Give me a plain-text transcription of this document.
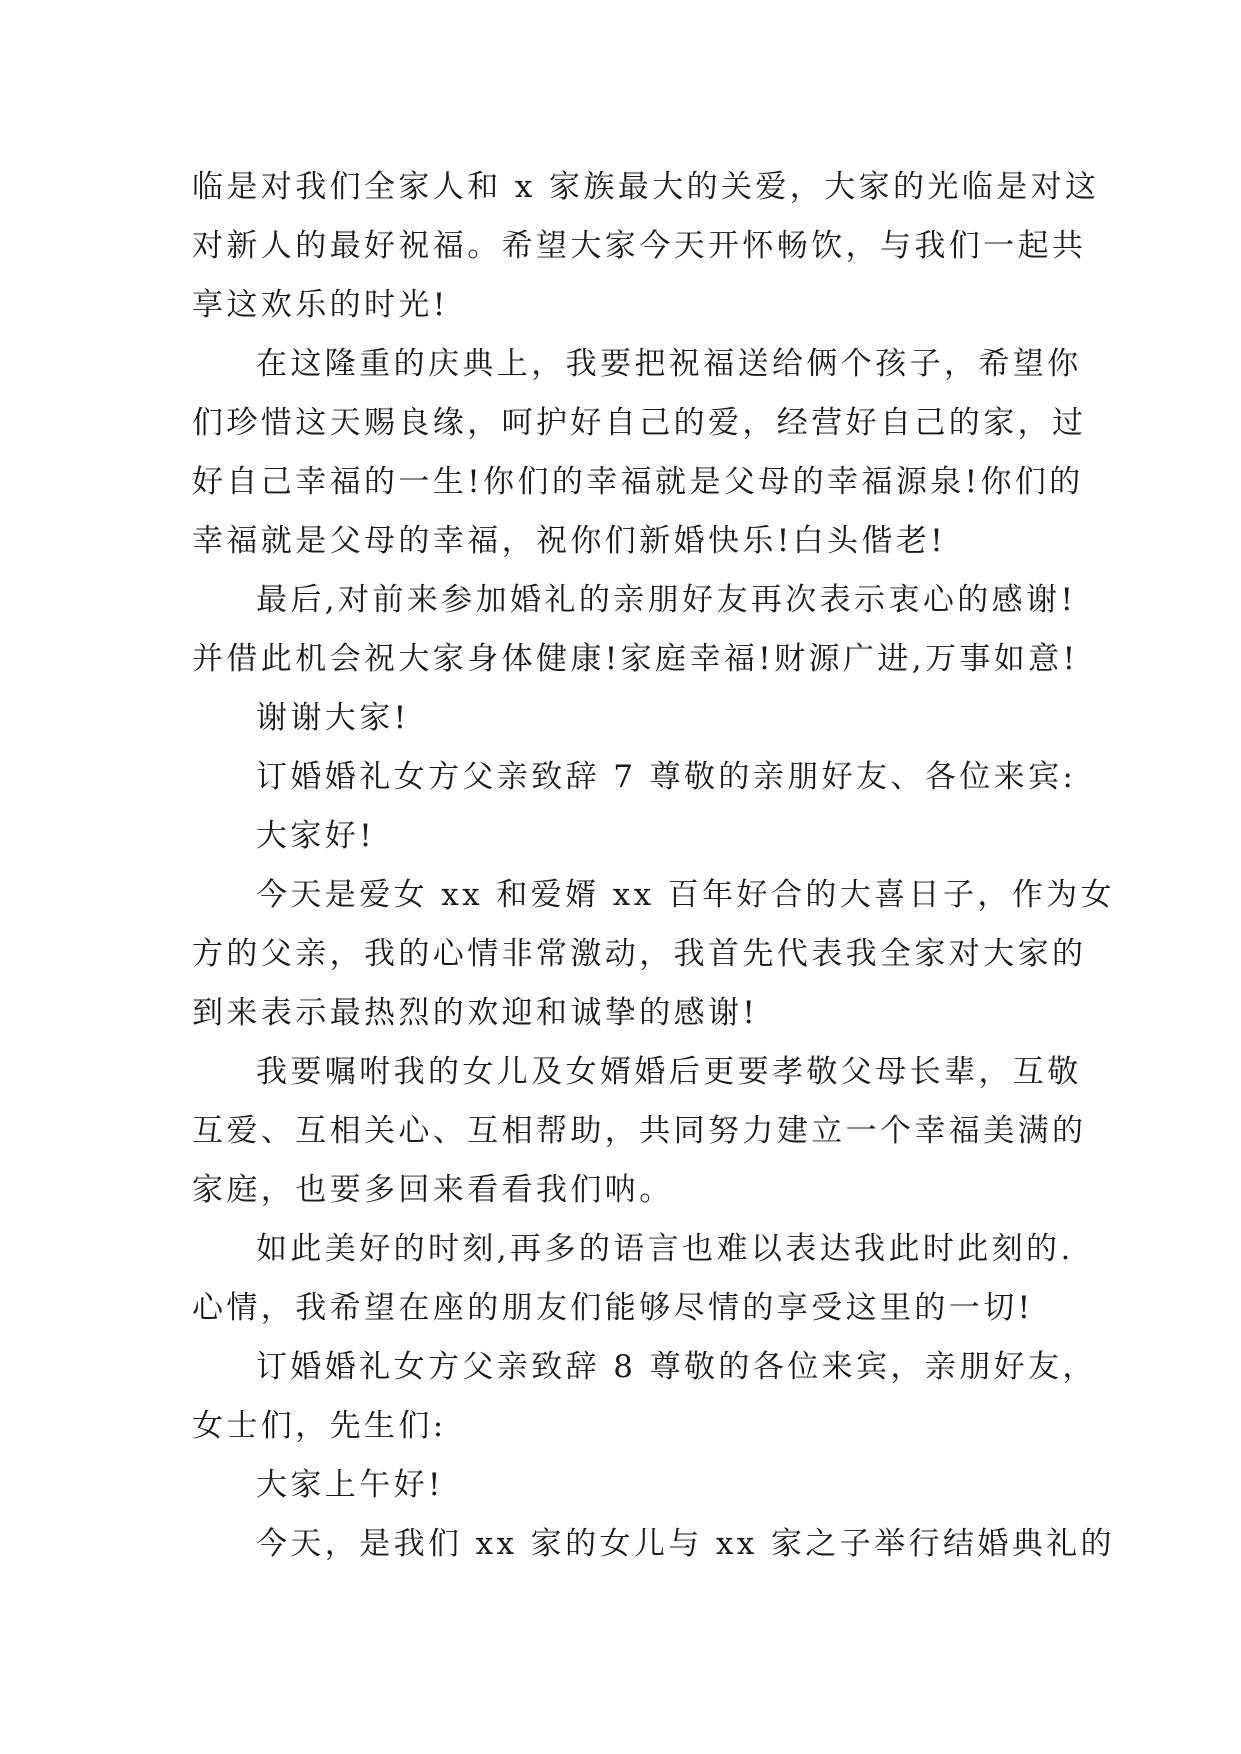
临是对我们全家人和 x 家族最大的关爱，大家的光临是对这
对新人的最好祝福。希望大家今天开怀畅饮，与我们一起共
享这欢乐的时光!
在这隆重的庆典上，我要把祝福送给俩个孩子，希望你
们珍惜这天赐良缘，呵护好自己的爱，经营好自己的家，过
好自己幸福的一生!你们的幸福就是父母的幸福源泉!你们的
幸福就是父母的幸福，祝你们新婚快乐!白头偕老!
最后,对前来参加婚礼的亲朋好友再次表示衷心的感谢!
并借此机会祝大家身体健康!家庭幸福!财源广进,万事如意!
谢谢大家!
订婚婚礼女方父亲致辞 7 尊敬的亲朋好友、各位来宾:
大家好!
今天是爱女 xx 和爱婿 xx 百年好合的大喜日子，作为女
方的父亲，我的心情非常激动，我首先代表我全家对大家的
到来表示最热烈的欢迎和诚挚的感谢!
我要嘱咐我的女儿及女婿婚后更要孝敬父母长辈，互敬
互爱、互相关心、互相帮助，共同努力建立一个幸福美满的
家庭，也要多回来看看我们呐。
如此美好的时刻,再多的语言也难以表达我此时此刻的.
心情，我希望在座的朋友们能够尽情的享受这里的一切!
订婚婚礼女方父亲致辞 8 尊敬的各位来宾，亲朋好友，
女士们，先生们:
大家上午好!
今天，是我们 xx 家的女儿与 xx 家之子举行结婚典礼的
